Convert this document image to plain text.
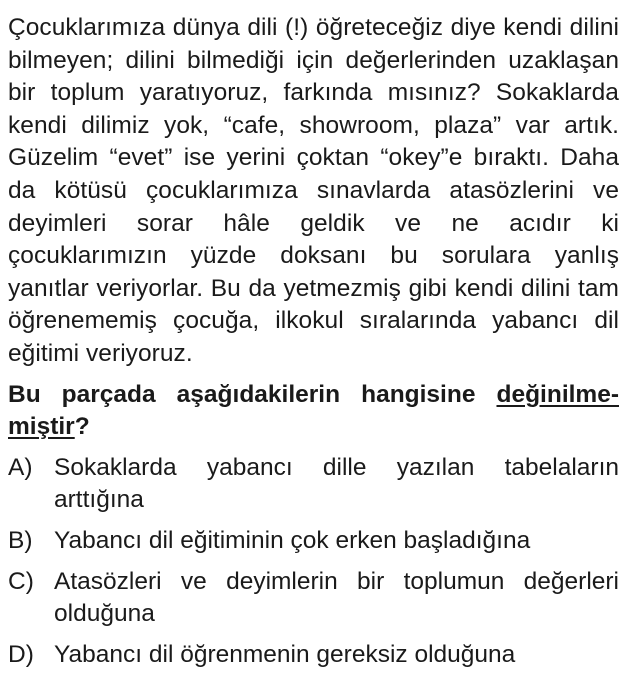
Çocuklarımıza dünya dili (!) öğreteceğiz diye kendi dilini bilmeyen; dilini bilmediği için değerlerinden uzaklaşan bir toplum yaratıyoruz, farkında mısınız? Sokaklarda kendi dilimiz yok, “cafe, showroom, plaza” var artık. Güzelim “evet” ise yerini çoktan “okey”e bıraktı. Daha da kötüsü çocuklarımıza sınavlarda atasözlerini ve deyimleri sorar hâle geldik ve ne acıdır ki çocuklarımızın yüzde doksanı bu sorulara yanlış yanıtlar veriyorlar. Bu da yetmezmiş gibi kendi dilini tam öğrenememiş çocuğa, ilkokul sıralarında yabancı dil eğitimi veriyoruz.

Bu parçada aşağıdakilerin hangisine değinilme-miştir?

A) Sokaklarda yabancı dille yazılan tabelaların arttığına
B) Yabancı dil eğitiminin çok erken başladığına
C) Atasözleri ve deyimlerin bir toplumun değerleri olduğuna
D) Yabancı dil öğrenmenin gereksiz olduğuna
